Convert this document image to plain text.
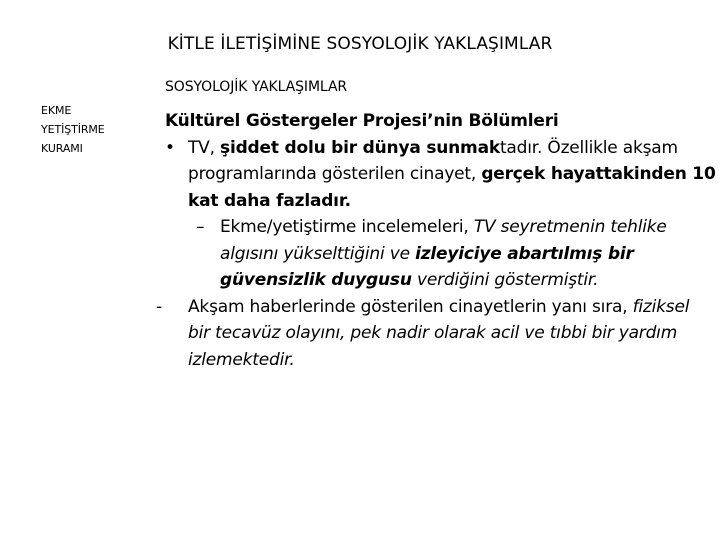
KİTLE İLETİŞİMİNE SOSYOLOJİK YAKLAŞIMLAR
EKME
YETİŞTİRME
KURAMI
SOSYOLOJİK YAKLAŞIMLAR
Kültürel Göstergeler Projesi’nin Bölümleri
• TV, şiddet dolu bir dünya sunmaktadır. Özellikle akşam programlarında gösterilen cinayet, gerçek hayattakinden 10 kat daha fazladır.
– Ekme/yetiştirme incelemeleri, TV seyretmenin tehlike algısını yükselttiğini ve izleyiciye abartılmış bir güvensizlik duygusu verdiğini göstermiştir.
- Akşam haberlerinde gösterilen cinayetlerin yanı sıra, fiziksel bir tecavüz olayını, pek nadir olarak acil ve tıbbi bir yardım izlemektedir.
